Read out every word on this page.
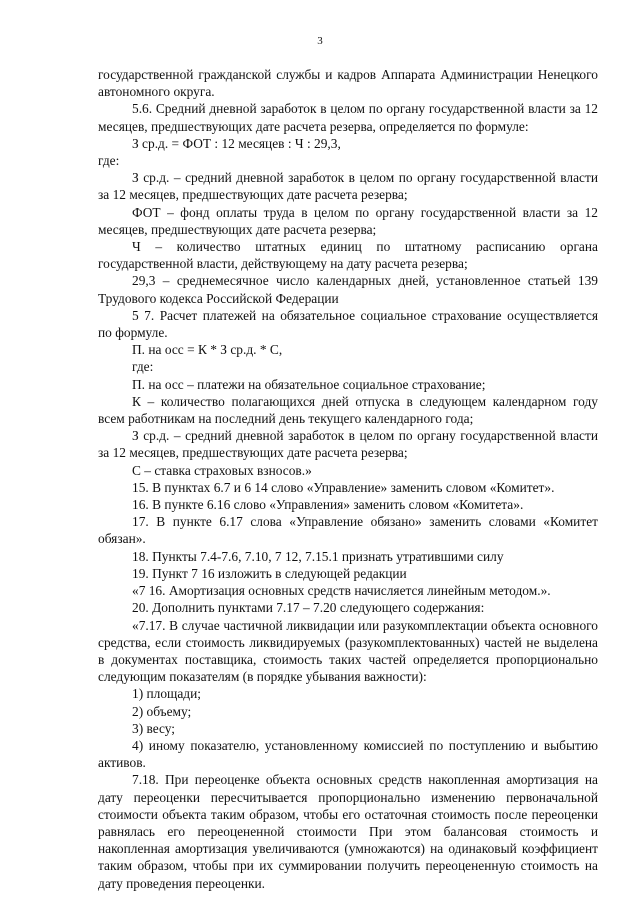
3

государственной гражданской службы и кадров Аппарата Администрации Ненецкого автономного округа.

5.6. Средний дневной заработок в целом по органу государственной власти за 12 месяцев, предшествующих дате расчета резерва, определяется по формуле:

З ср.д. = ФОТ : 12 месяцев : Ч : 29,3,

где:

З ср.д. – средний дневной заработок в целом по органу государственной власти за 12 месяцев, предшествующих дате расчета резерва;

ФОТ – фонд оплаты труда в целом по органу государственной власти за 12 месяцев, предшествующих дате расчета резерва;

Ч – количество штатных единиц по штатному расписанию органа государственной власти, действующему на дату расчета резерва;

29,3 – среднемесячное число календарных дней, установленное статьей 139 Трудового кодекса Российской Федерации

5 7. Расчет платежей на обязательное социальное страхование осуществляется по формуле.

П. на осс = К * З ср.д. * С,

где:

П. на осс – платежи на обязательное социальное страхование;

К – количество полагающихся дней отпуска в следующем календарном году всем работникам на последний день текущего календарного года;

З ср.д. – средний дневной заработок в целом по органу государственной власти за 12 месяцев, предшествующих дате расчета резерва;

С – ставка страховых взносов.»

15. В пунктах 6.7 и 6 14 слово «Управление» заменить словом «Комитет».

16. В пункте 6.16 слово «Управления» заменить словом «Комитета».

17. В пункте 6.17 слова «Управление обязано» заменить словами «Комитет обязан».

18. Пункты 7.4-7.6, 7.10, 7 12, 7.15.1 признать утратившими силу

19. Пункт 7 16 изложить в следующей редакции

«7 16. Амортизация основных средств начисляется линейным методом.».

20. Дополнить пунктами 7.17 – 7.20 следующего содержания:

«7.17. В случае частичной ликвидации или разукомплектации объекта основного средства, если стоимость ликвидируемых (разукомплектованных) частей не выделена в документах поставщика, стоимость таких частей определяется пропорционально следующим показателям (в порядке убывания важности):

1) площади;

2) объему;

3) весу;

4) иному показателю, установленному комиссией по поступлению и выбытию активов.

7.18. При переоценке объекта основных средств накопленная амортизация на дату переоценки пересчитывается пропорционально изменению первоначальной стоимости объекта таким образом, чтобы его остаточная стоимость после переоценки равнялась его переоцененной стоимости При этом балансовая стоимость и накопленная амортизация увеличиваются (умножаются) на одинаковый коэффициент таким образом, чтобы при их суммировании получить переоцененную стоимость на дату проведения переоценки.
